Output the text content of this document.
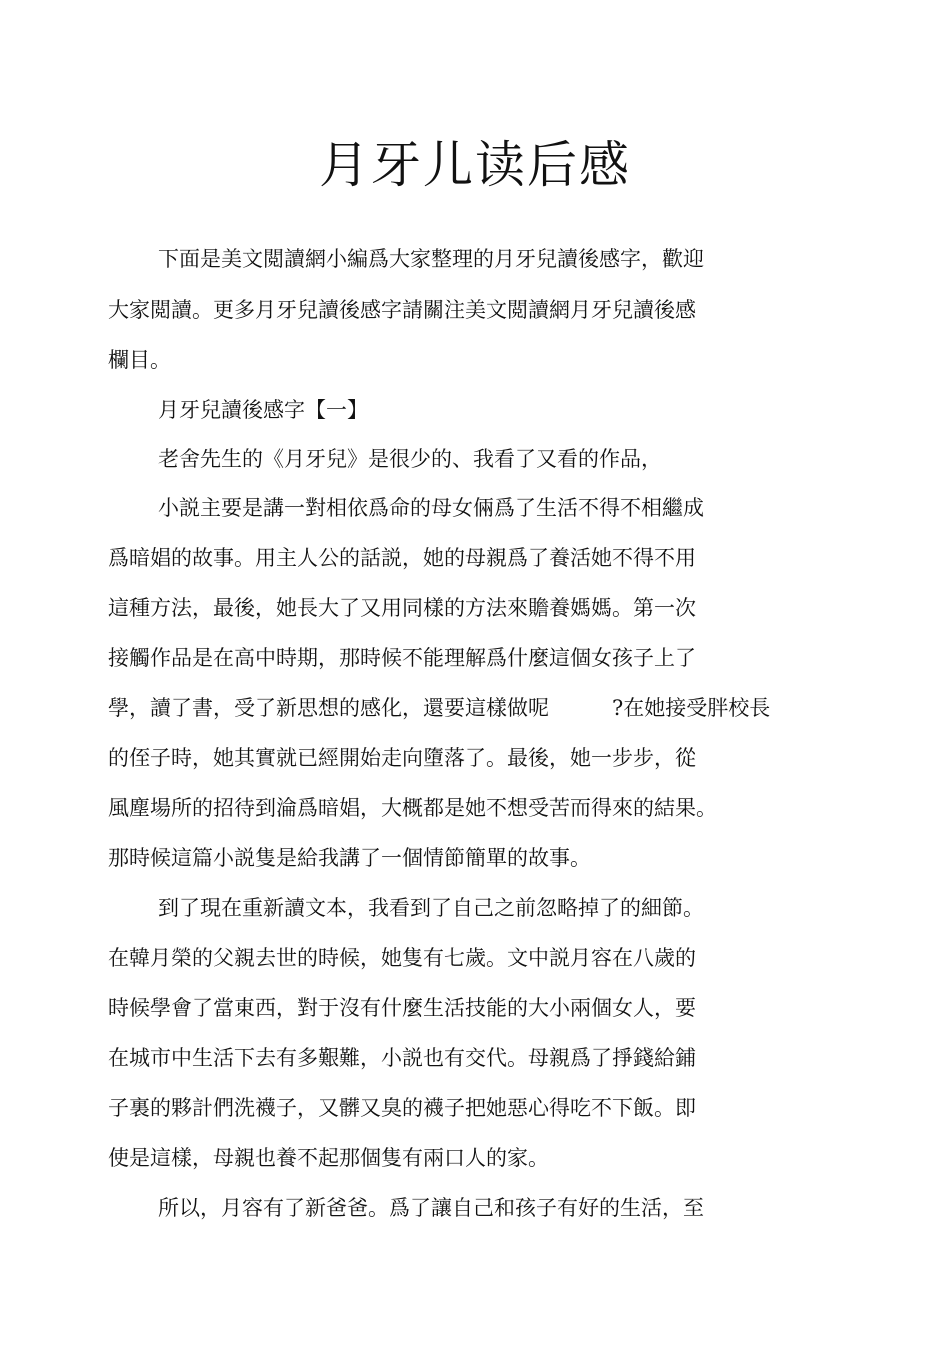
月牙儿读后感
下面是美文閲讀網小編爲大家整理的月牙兒讀後感字，歡迎
大家閲讀。更多月牙兒讀後感字請關注美文閲讀網月牙兒讀後感
欄目。
月牙兒讀後感字【一】
老舍先生的《月牙兒》是很少的、我看了又看的作品，
小説主要是講一對相依爲命的母女倆爲了生活不得不相繼成
爲暗娼的故事。用主人公的話説，她的母親爲了養活她不得不用
這種方法，最後，她長大了又用同樣的方法來贍養媽媽。第一次
接觸作品是在高中時期，那時候不能理解爲什麼這個女孩子上了
學，讀了書，受了新思想的感化，還要這樣做呢　　　?在她接受胖校長
的侄子時，她其實就已經開始走向墮落了。最後，她一步步，從
風塵場所的招待到淪爲暗娼，大概都是她不想受苦而得來的結果。
那時候這篇小説隻是給我講了一個情節簡單的故事。
到了現在重新讀文本，我看到了自己之前忽略掉了的細節。
在韓月榮的父親去世的時候，她隻有七歲。文中説月容在八歲的
時候學會了當東西，對于沒有什麼生活技能的大小兩個女人，要
在城市中生活下去有多艱難，小説也有交代。母親爲了掙錢給鋪
子裏的夥計們洗襪子，又髒又臭的襪子把她惡心得吃不下飯。即
使是這樣，母親也養不起那個隻有兩口人的家。
所以，月容有了新爸爸。爲了讓自己和孩子有好的生活，至
